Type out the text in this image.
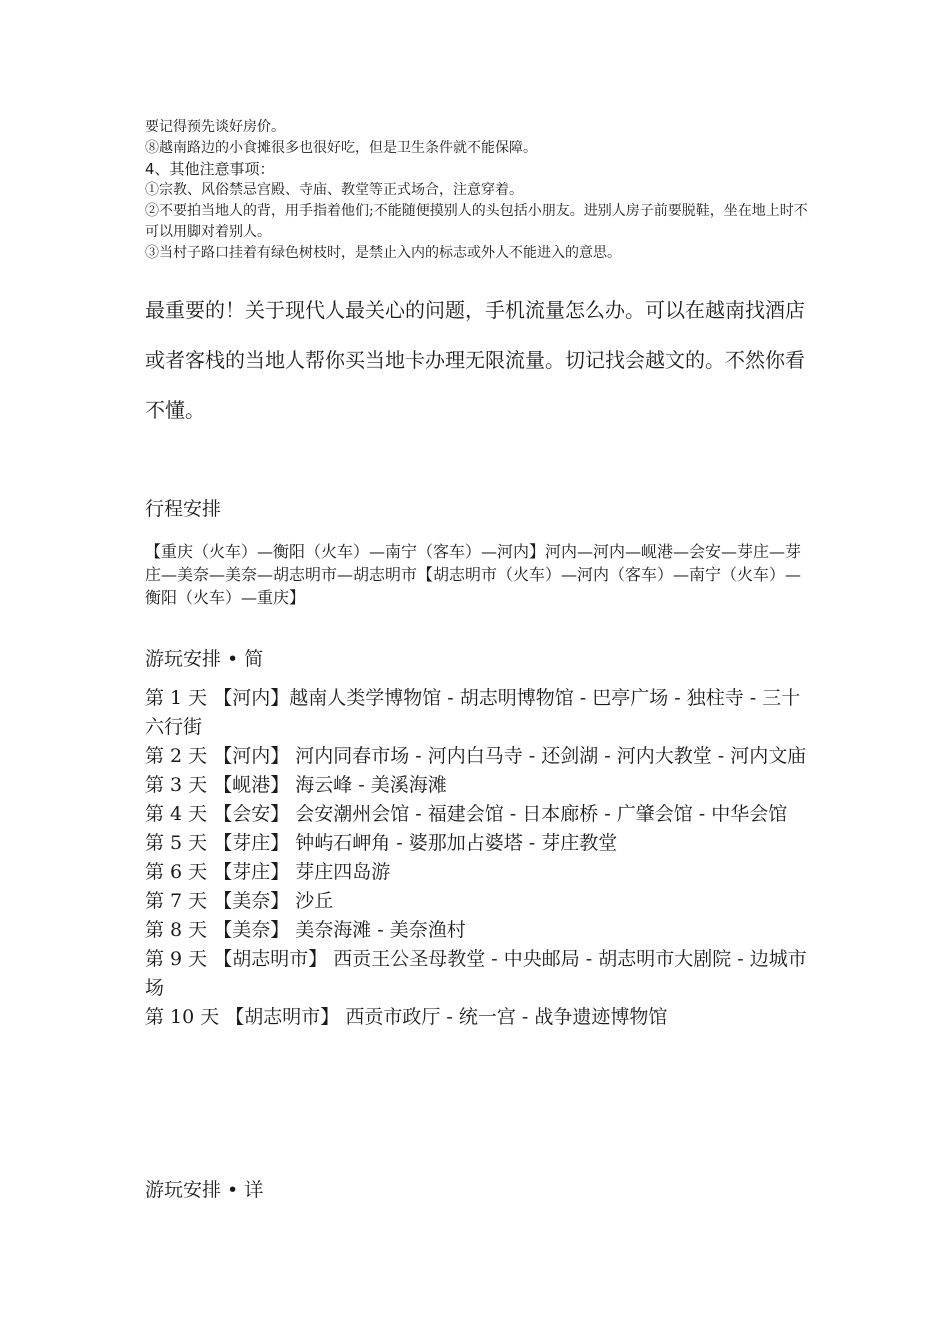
要记得预先谈好房价。

⑧越南路边的小食摊很多也很好吃，但是卫生条件就不能保障。

4、其他注意事项：

①宗教、风俗禁忌宫殿、寺庙、教堂等正式场合，注意穿着。

②不要拍当地人的背，用手指着他们;不能随便摸别人的头包括小朋友。进别人房子前要脱鞋，坐在地上时不可以用脚对着别人。

③当村子路口挂着有绿色树枝时，是禁止入内的标志或外人不能进入的意思。

最重要的！关于现代人最关心的问题，手机流量怎么办。可以在越南找酒店或者客栈的当地人帮你买当地卡办理无限流量。切记找会越文的。不然你看不懂。

行程安排

【重庆（火车）—衡阳（火车）—南宁（客车）—河内】河内—河内—岘港—会安—芽庄—芽庄—美奈—美奈—胡志明市—胡志明市【胡志明市（火车）—河内（客车）—南宁（火车）—衡阳（火车）—重庆】

游玩安排 • 简

第 1 天 【河内】越南人类学博物馆 - 胡志明博物馆 - 巴亭广场 - 独柱寺 - 三十六行街

第 2 天 【河内】 河内同春市场 - 河内白马寺 - 还剑湖 - 河内大教堂 - 河内文庙

第 3 天 【岘港】 海云峰 - 美溪海滩

第 4 天 【会安】 会安潮州会馆 - 福建会馆 - 日本廊桥 - 广肇会馆 - 中华会馆

第 5 天 【芽庄】 钟屿石岬角 - 婆那加占婆塔 - 芽庄教堂

第 6 天 【芽庄】 芽庄四岛游

第 7 天 【美奈】 沙丘

第 8 天 【美奈】 美奈海滩 - 美奈渔村

第 9 天 【胡志明市】 西贡王公圣母教堂 - 中央邮局 - 胡志明市大剧院 - 边城市场

第 10 天 【胡志明市】 西贡市政厅 - 统一宫 - 战争遗迹博物馆

游玩安排 • 详
